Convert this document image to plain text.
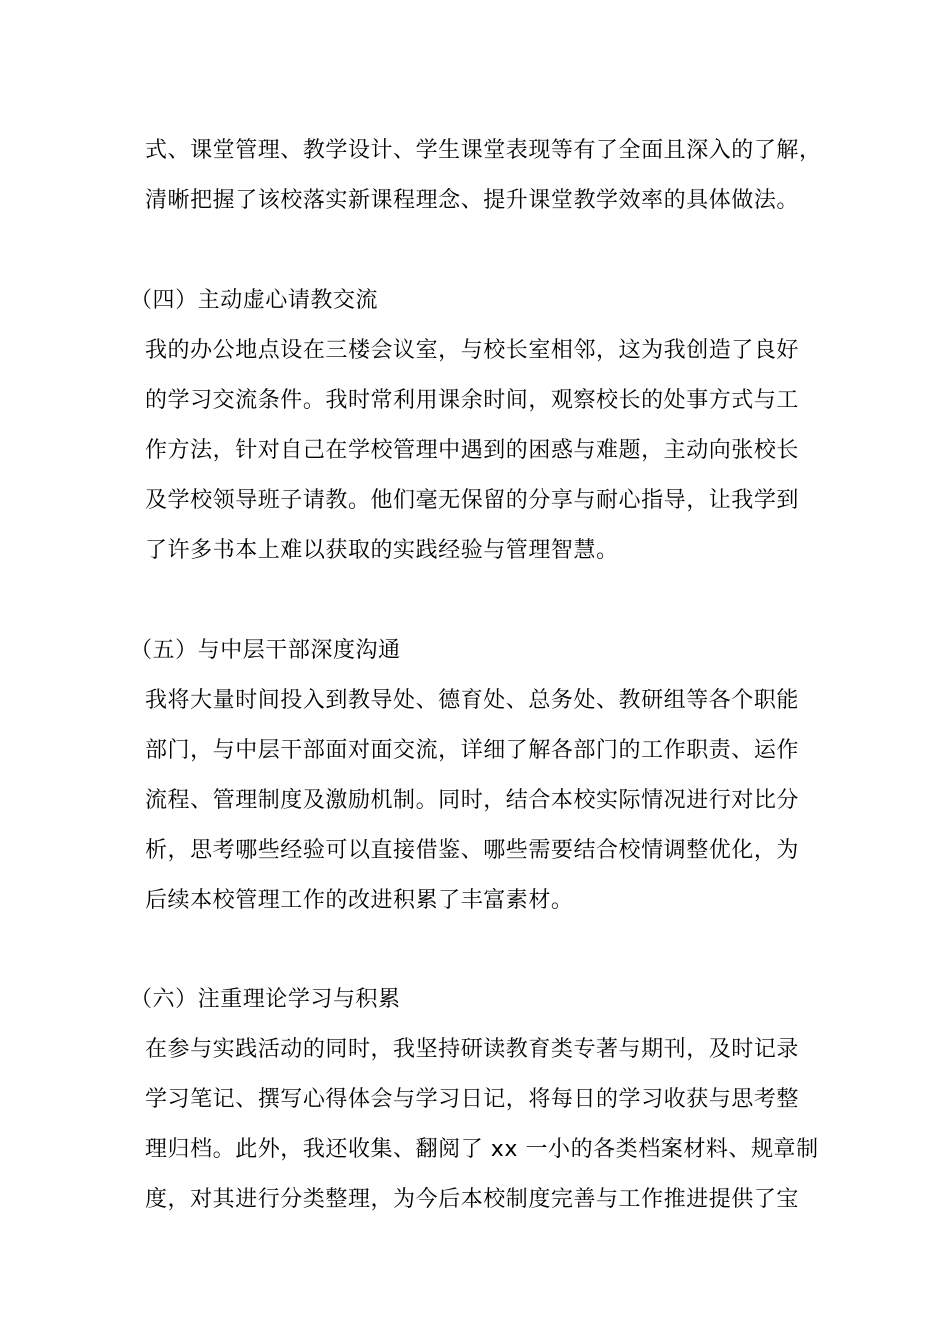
式、课堂管理、教学设计、学生课堂表现等有了全面且深入的了解，

清晰把握了该校落实新课程理念、提升课堂教学效率的具体做法。

（四）主动虚心请教交流

我的办公地点设在三楼会议室，与校长室相邻，这为我创造了良好

的学习交流条件。我时常利用课余时间，观察校长的处事方式与工

作方法，针对自己在学校管理中遇到的困惑与难题，主动向张校长

及学校领导班子请教。他们毫无保留的分享与耐心指导，让我学到

了许多书本上难以获取的实践经验与管理智慧。

（五）与中层干部深度沟通

我将大量时间投入到教导处、德育处、总务处、教研组等各个职能

部门，与中层干部面对面交流，详细了解各部门的工作职责、运作

流程、管理制度及激励机制。同时，结合本校实际情况进行对比分

析，思考哪些经验可以直接借鉴、哪些需要结合校情调整优化，为

后续本校管理工作的改进积累了丰富素材。

（六）注重理论学习与积累

在参与实践活动的同时，我坚持研读教育类专著与期刊，及时记录

学习笔记、撰写心得体会与学习日记，将每日的学习收获与思考整

理归档。此外，我还收集、翻阅了 xx 一小的各类档案材料、规章制

度，对其进行分类整理，为今后本校制度完善与工作推进提供了宝
